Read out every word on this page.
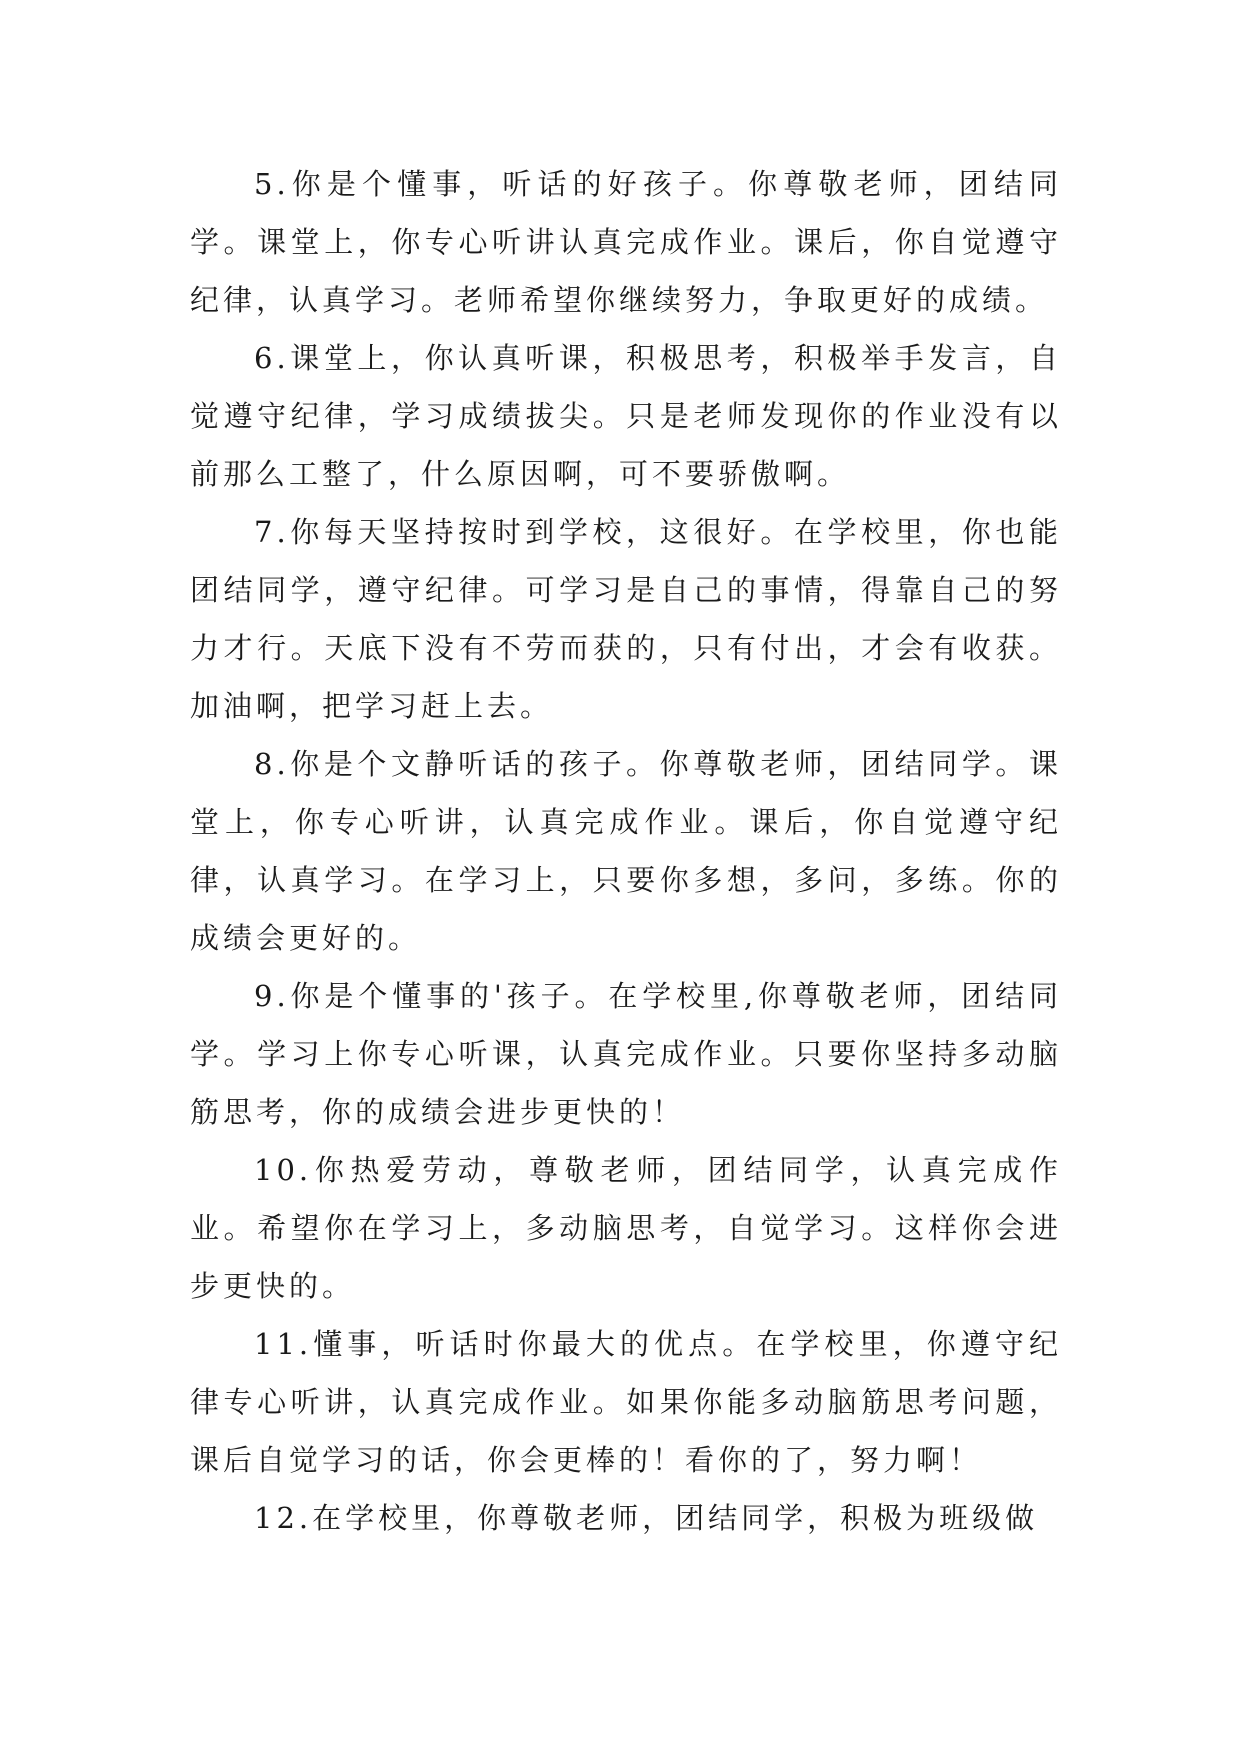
5.你是个懂事，听话的好孩子。你尊敬老师，团结同学。课堂上，你专心听讲认真完成作业。课后，你自觉遵守纪律，认真学习。老师希望你继续努力，争取更好的成绩。

6.课堂上，你认真听课，积极思考，积极举手发言，自觉遵守纪律，学习成绩拔尖。只是老师发现你的作业没有以前那么工整了，什么原因啊，可不要骄傲啊。

7.你每天坚持按时到学校，这很好。在学校里，你也能团结同学，遵守纪律。可学习是自己的事情，得靠自己的努力才行。天底下没有不劳而获的，只有付出，才会有收获。加油啊，把学习赶上去。

8.你是个文静听话的孩子。你尊敬老师，团结同学。课堂上，你专心听讲，认真完成作业。课后，你自觉遵守纪律，认真学习。在学习上，只要你多想，多问，多练。你的成绩会更好的。

9.你是个懂事的'孩子。在学校里,你尊敬老师，团结同学。学习上你专心听课，认真完成作业。只要你坚持多动脑筋思考，你的成绩会进步更快的！

10.你热爱劳动，尊敬老师，团结同学，认真完成作业。希望你在学习上，多动脑思考，自觉学习。这样你会进步更快的。

11.懂事，听话时你最大的优点。在学校里，你遵守纪律专心听讲，认真完成作业。如果你能多动脑筋思考问题，课后自觉学习的话，你会更棒的！看你的了，努力啊！

12.在学校里，你尊敬老师，团结同学，积极为班级做
